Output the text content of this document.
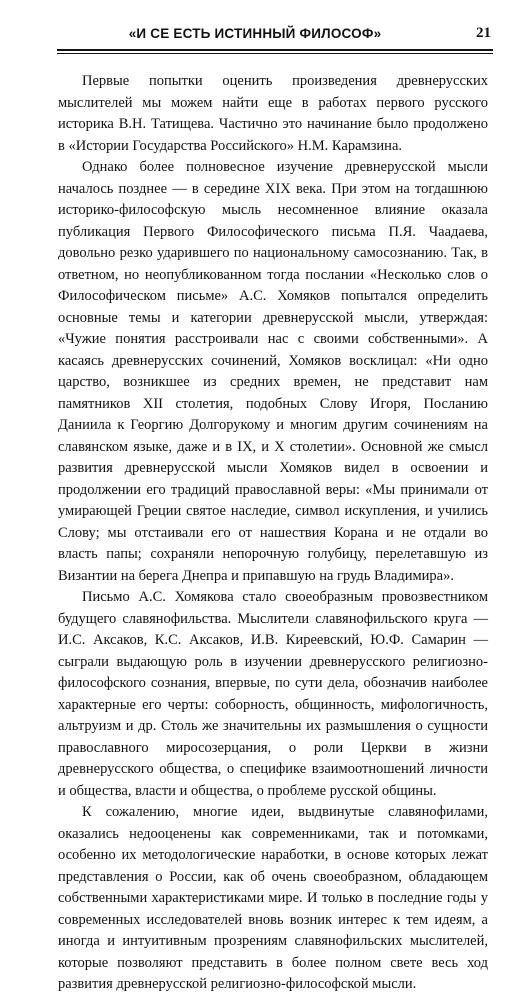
«И СЕ ЕСТЬ ИСТИННЫЙ ФИЛОСОФ»	21

Первые попытки оценить произведения древнерусских мыслителей мы можем найти еще в работах первого русского историка В.Н. Татищева. Частично это начинание было продолжено в «Истории Государства Российского» Н.М. Карамзина.

Однако более полновесное изучение древнерусской мысли началось позднее — в середине XIX века. При этом на тогдашнюю историко-философскую мысль несомненное влияние оказала публикация Первого Философического письма П.Я. Чаадаева, довольно резко ударившего по национальному самосознанию. Так, в ответном, но неопубликованном тогда послании «Несколько слов о Философическом письме» А.С. Хомяков попытался определить основные темы и категории древнерусской мысли, утверждая: «Чужие понятия расстроивали нас с своими собственными». А касаясь древнерусских сочинений, Хомяков восклицал: «Ни одно царство, возникшее из средних времен, не представит нам памятников XII столетия, подобных Слову Игоря, Посланию Даниила к Георгию Долгорукому и многим другим сочинениям на славянском языке, даже и в IX, и X столетии». Основной же смысл развития древнерусской мысли Хомяков видел в освоении и продолжении его традиций православной веры: «Мы принимали от умирающей Греции святое наследие, символ искупления, и учились Слову; мы отстаивали его от нашествия Корана и не отдали во власть папы; сохраняли непорочную голубицу, перелетавшую из Византии на берега Днепра и припавшую на грудь Владимира».

Письмо А.С. Хомякова стало своеобразным провозвестником будущего славянофильства. Мыслители славянофильского круга — И.С. Аксаков, К.С. Аксаков, И.В. Киреевский, Ю.Ф. Самарин — сыграли выдающую роль в изучении древнерусского религиозно-философского сознания, впервые, по сути дела, обозначив наиболее характерные его черты: соборность, общинность, мифологичность, альтруизм и др. Столь же значительны их размышления о сущности православного миросозерцания, о роли Церкви в жизни древнерусского общества, о специфике взаимоотношений личности и общества, власти и общества, о проблеме русской общины.

К сожалению, многие идеи, выдвинутые славянофилами, оказались недооценены как современниками, так и потомками, особенно их методологические наработки, в основе которых лежат представления о России, как об очень своеобразном, обладающем собственными характеристиками мире. И только в последние годы у современных исследователей вновь возник интерес к тем идеям, а иногда и интуитивным прозрениям славянофильских мыслителей, которые позволяют представить в более полном свете весь ход развития древнерусской религиозно-философской мысли.
